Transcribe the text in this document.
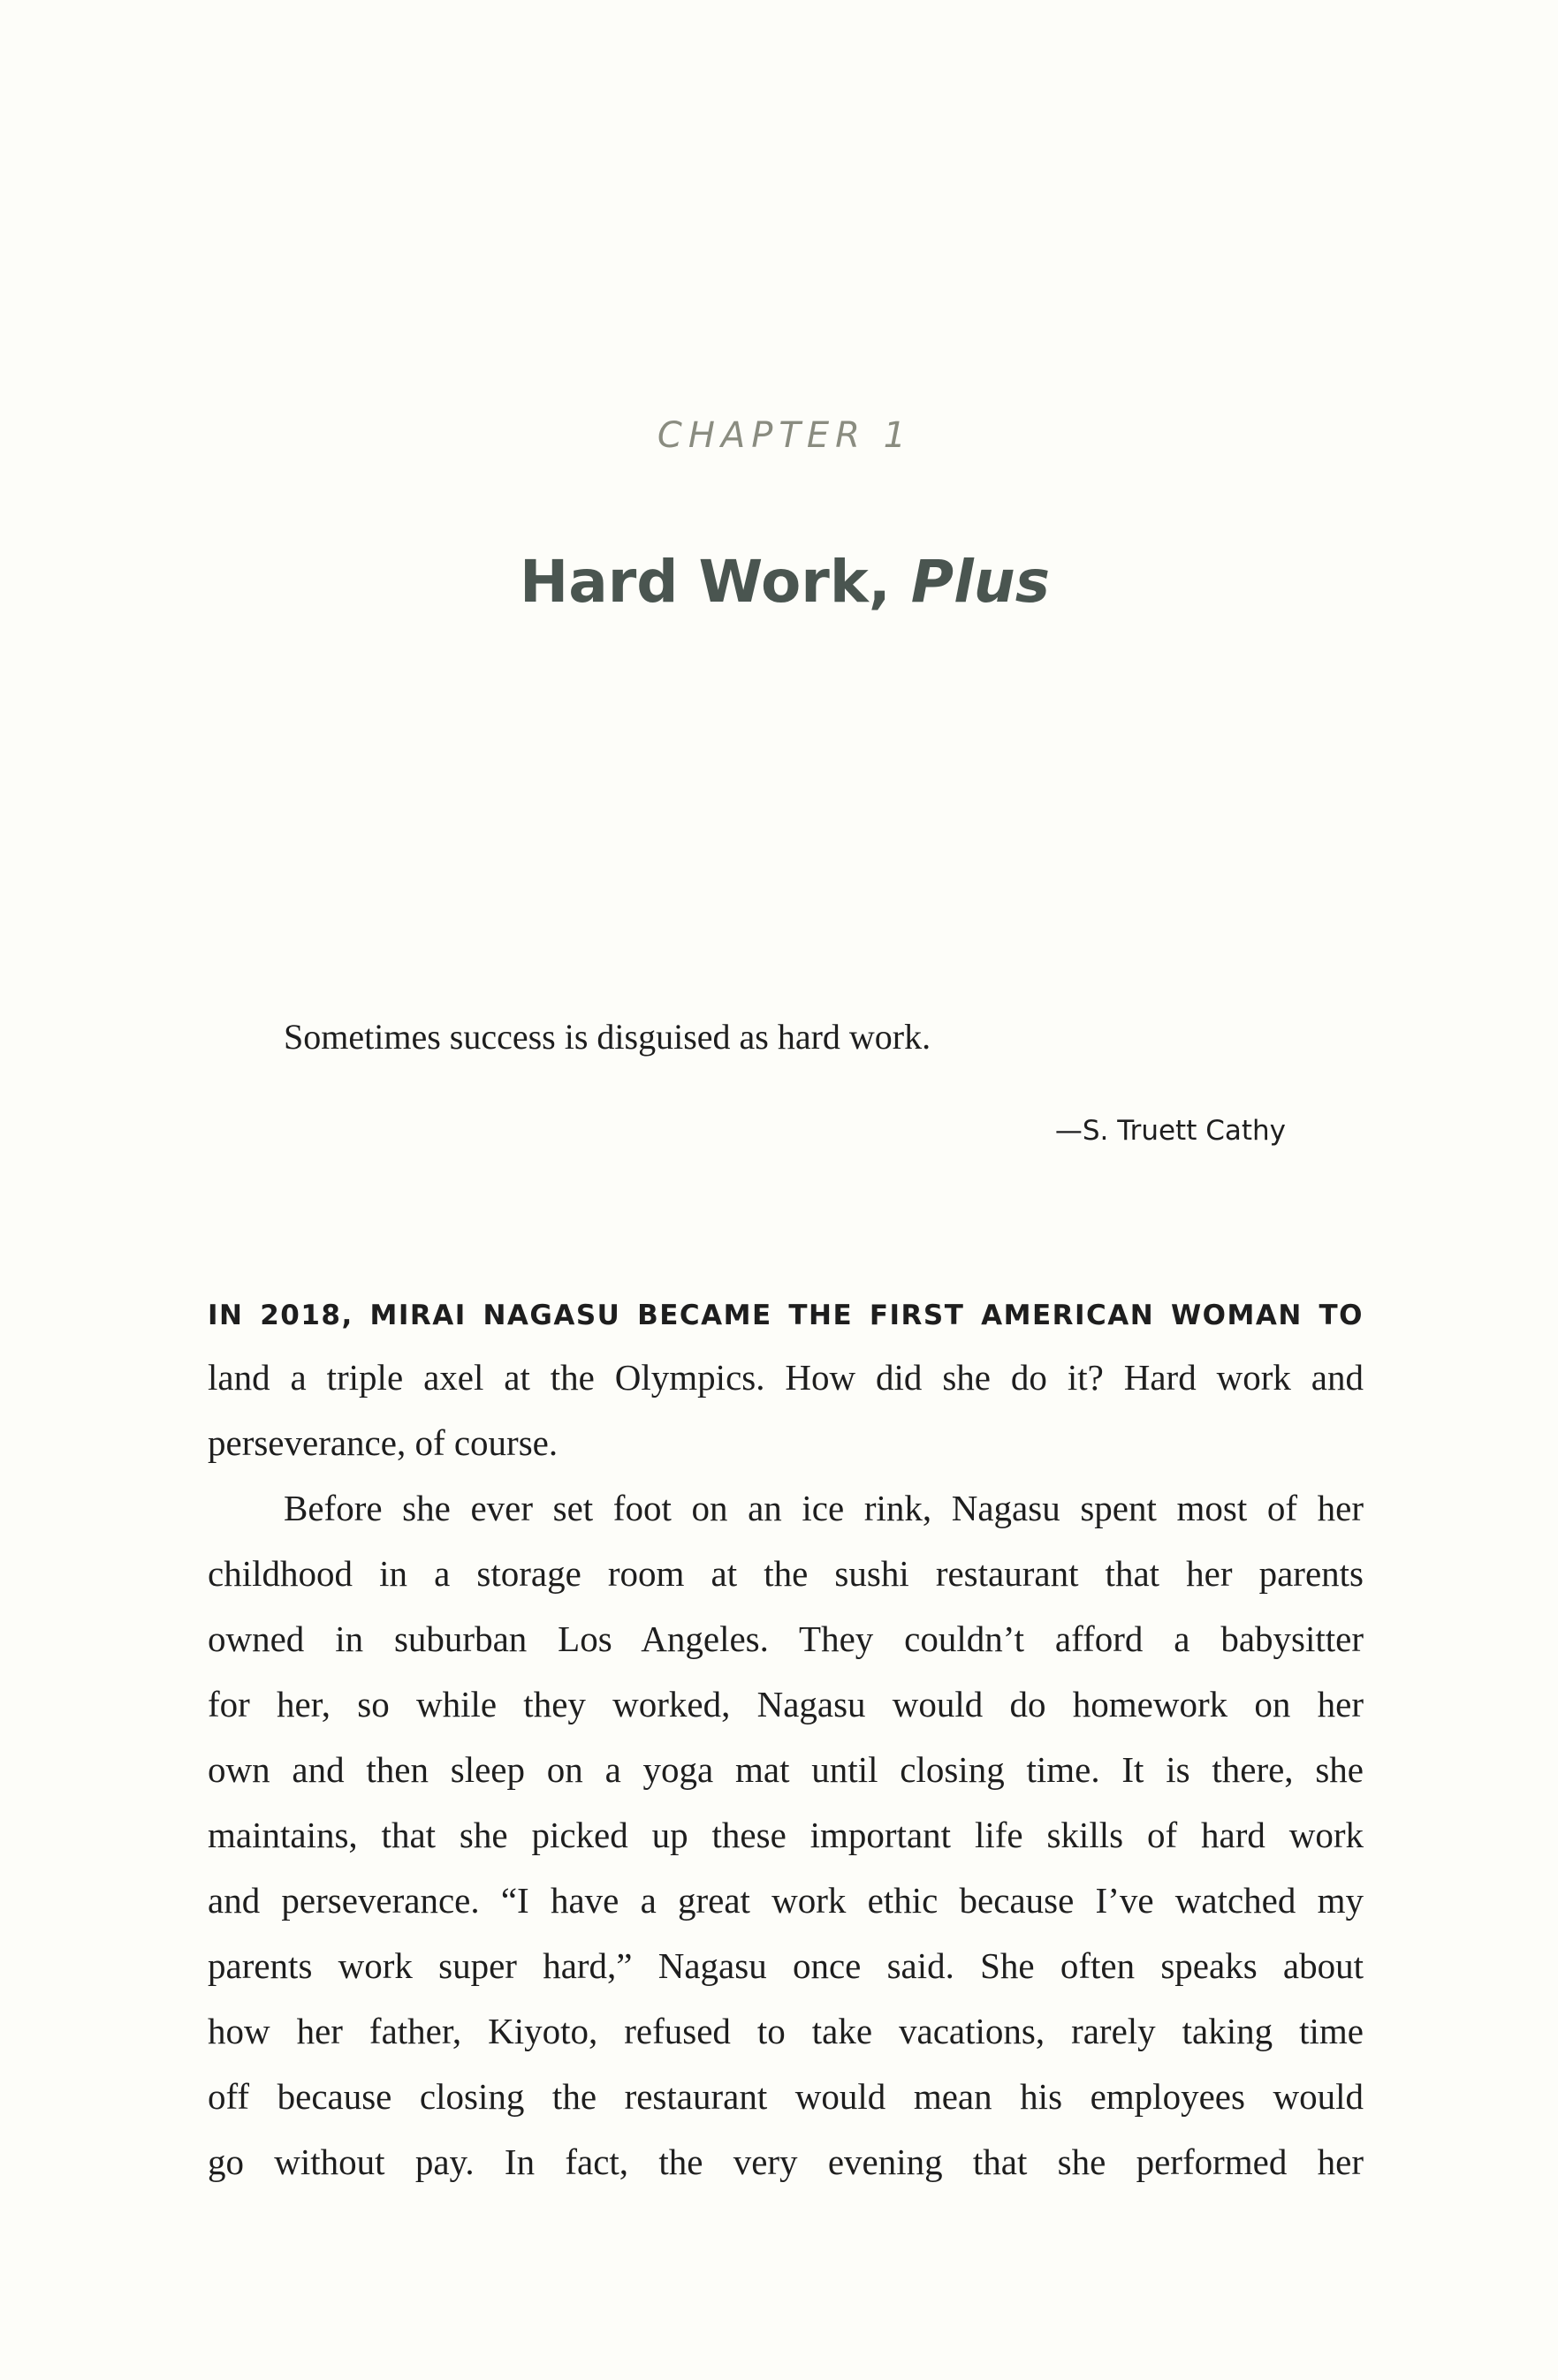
CHAPTER 1
Hard Work, Plus
Sometimes success is disguised as hard work.
—S. Truett Cathy
IN 2018, MIRAI NAGASU BECAME THE FIRST AMERICAN WOMAN TO
land a triple axel at the Olympics. How did she do it? Hard work and
perseverance, of course.
Before she ever set foot on an ice rink, Nagasu spent most of her
childhood in a storage room at the sushi restaurant that her parents
owned in suburban Los Angeles. They couldn’t afford a babysitter
for her, so while they worked, Nagasu would do homework on her
own and then sleep on a yoga mat until closing time. It is there, she
maintains, that she picked up these important life skills of hard work
and perseverance. “I have a great work ethic because I’ve watched my
parents work super hard,” Nagasu once said. She often speaks about
how her father, Kiyoto, refused to take vacations, rarely taking time
off because closing the restaurant would mean his employees would
go without pay. In fact, the very evening that she performed her
